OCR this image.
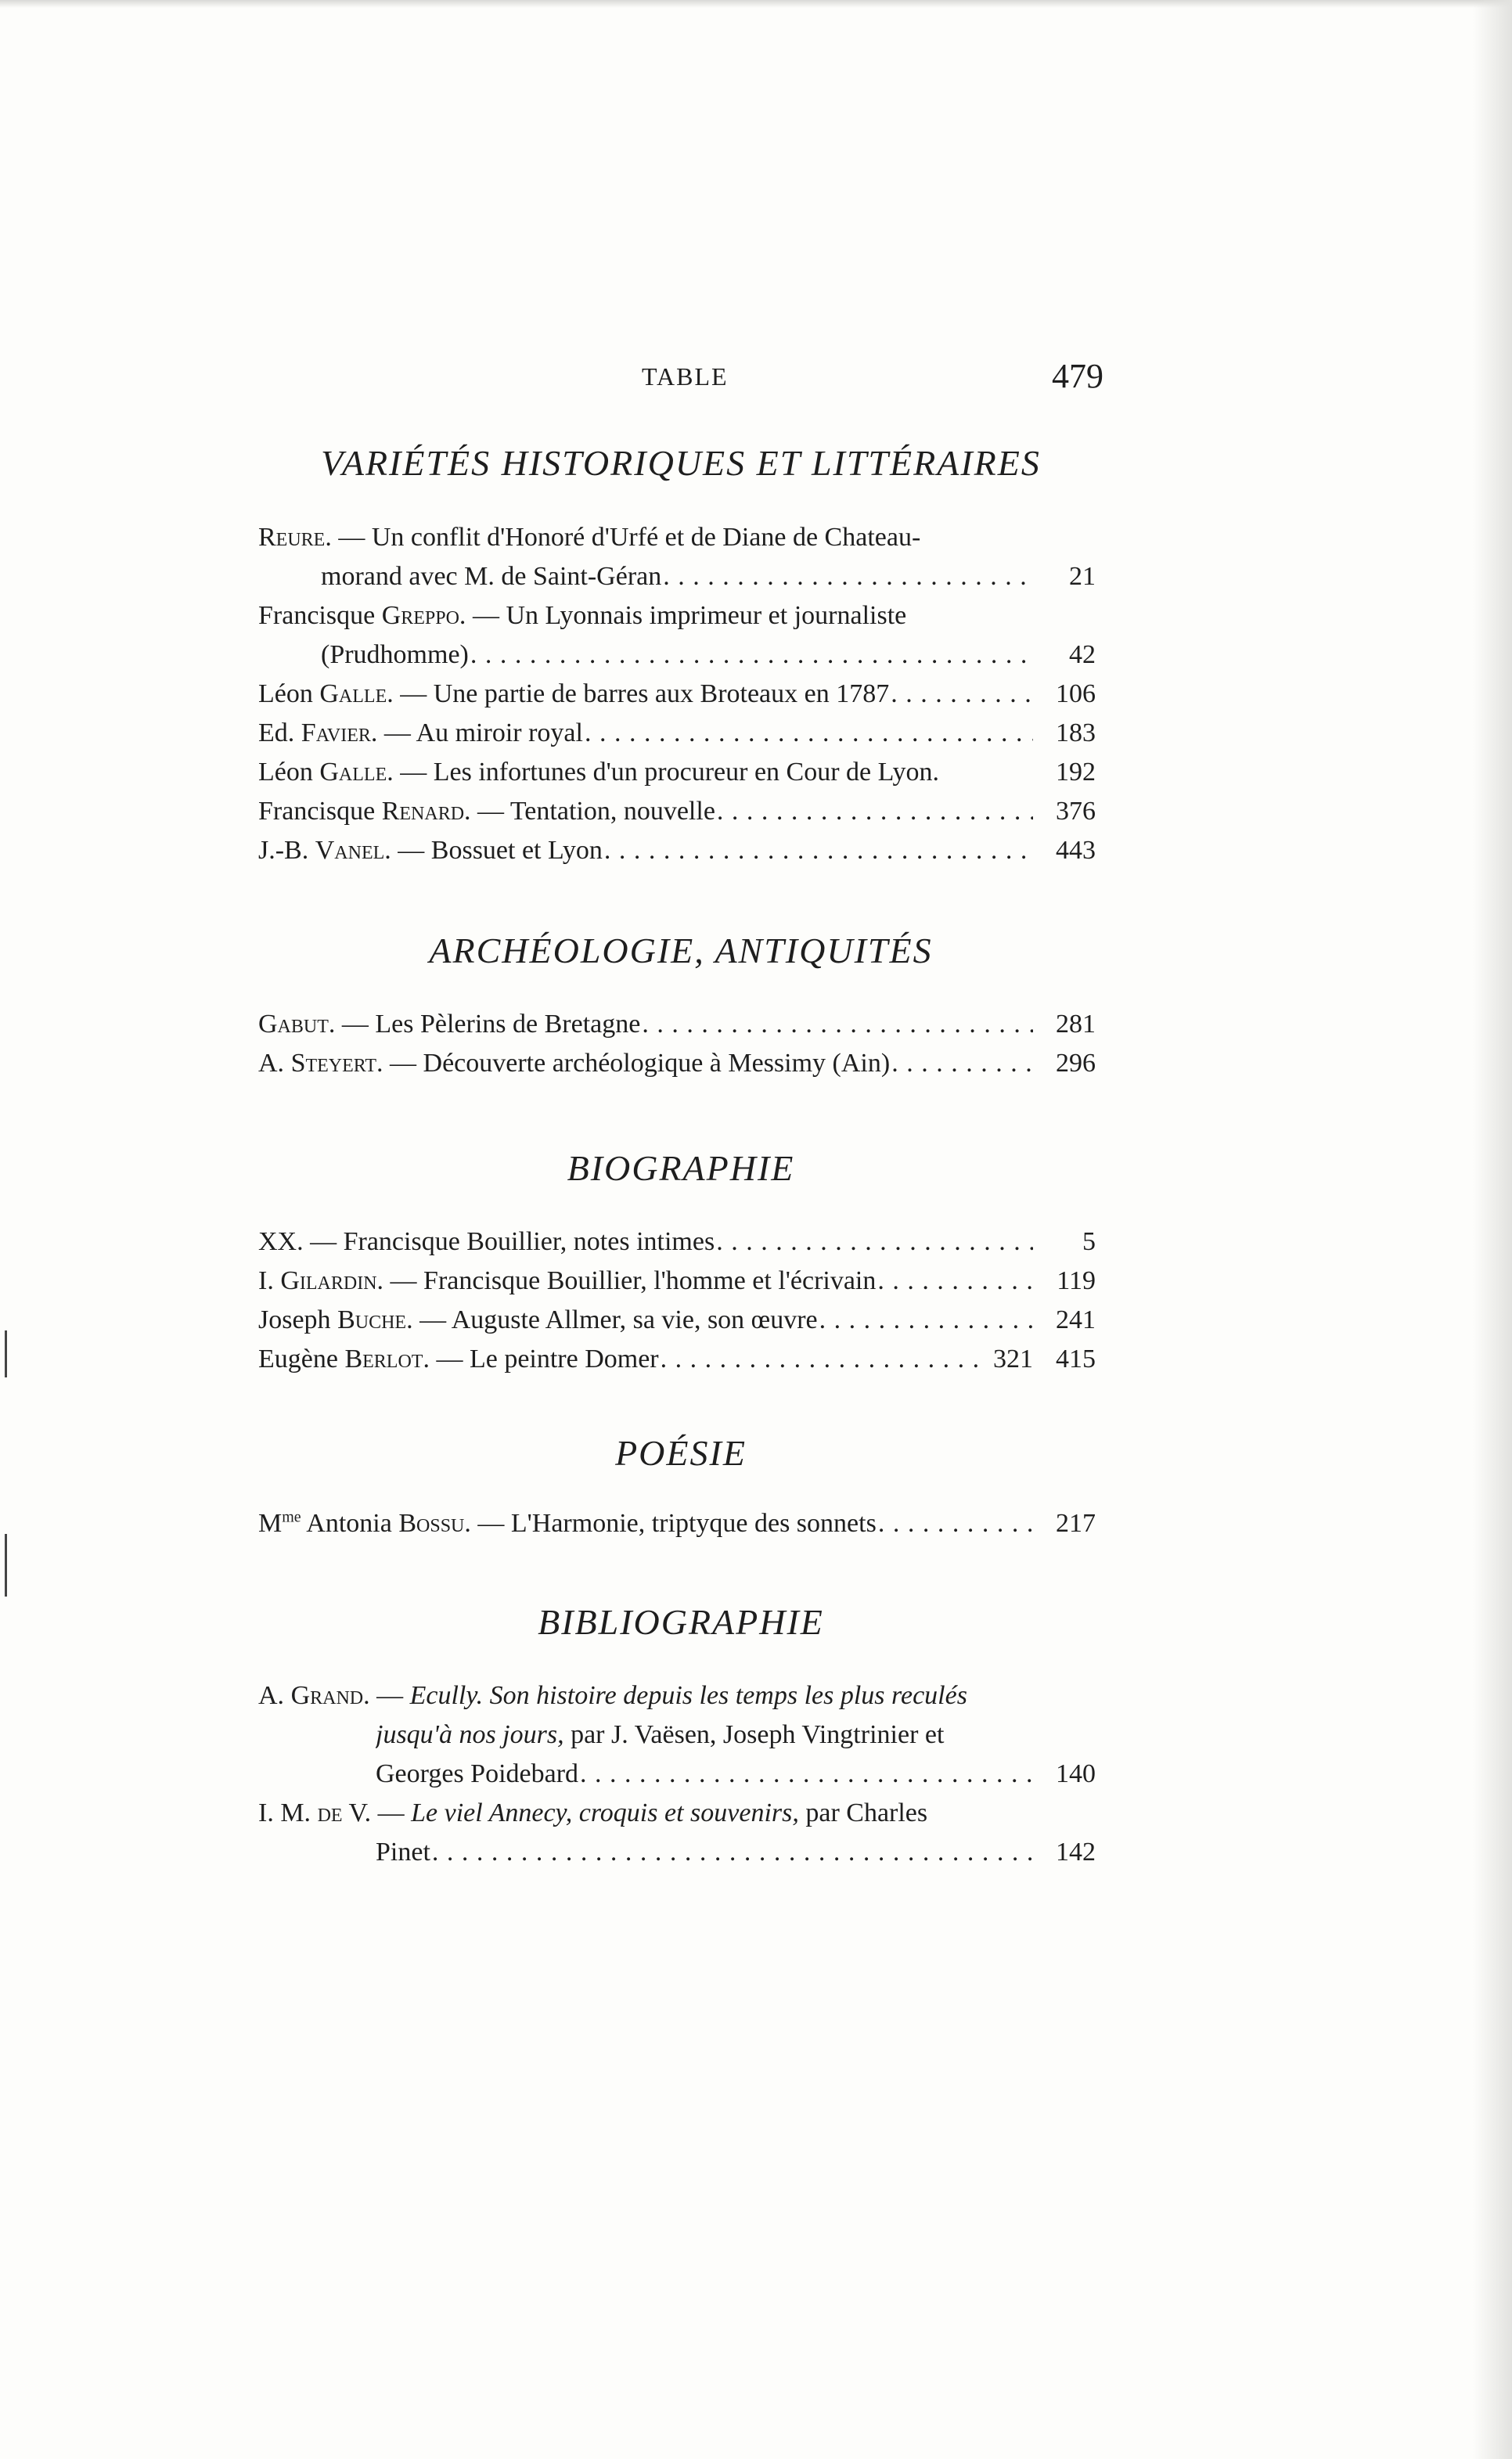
TABLE	479
VARIÉTÉS HISTORIQUES ET LITTÉRAIRES
Reure. — Un conflit d'Honoré d'Urfé et de Diane de Chateau-
morand avec M. de Saint-Géran . . .	21
Francisque Greppo. — Un Lyonnais imprimeur et journaliste
(Prudhomme) . . .	42
Léon Galle. — Une partie de barres aux Broteaux en 1787 . . .	106
Ed. Favier. — Au miroir royal . . .	183
Léon Galle. — Les infortunes d'un procureur en Cour de Lyon.	192
Francisque Renard. — Tentation, nouvelle . . .	376
J.-B. Vanel. — Bossuet et Lyon . . .	443
ARCHÉOLOGIE, ANTIQUITÉS
Gabut. — Les Pèlerins de Bretagne . . .	281
A. Steyert. — Découverte archéologique à Messimy (Ain) . . .	296
BIOGRAPHIE
XX. — Francisque Bouillier, notes intimes . . .	5
I. Gilardin. — Francisque Bouillier, l'homme et l'écrivain . . .	119
Joseph Buche. — Auguste Allmer, sa vie, son œuvre . . .	241
Eugène Berlot. — Le peintre Domer . . .	321 415
POÉSIE
$M^{me}$ Antonia Bossu. — L'Harmonie, triptyque des sonnets . . .	217
BIBLIOGRAPHIE
A. Grand. — Ecully. Son histoire depuis les temps les plus reculés
jusqu'à nos jours, par J. Vaësen, Joseph Vingtrinier et
Georges Poidebard . . .	140
I. M. de V. — Le viel Annecy, croquis et souvenirs, par Charles
Pinet . . .	142
